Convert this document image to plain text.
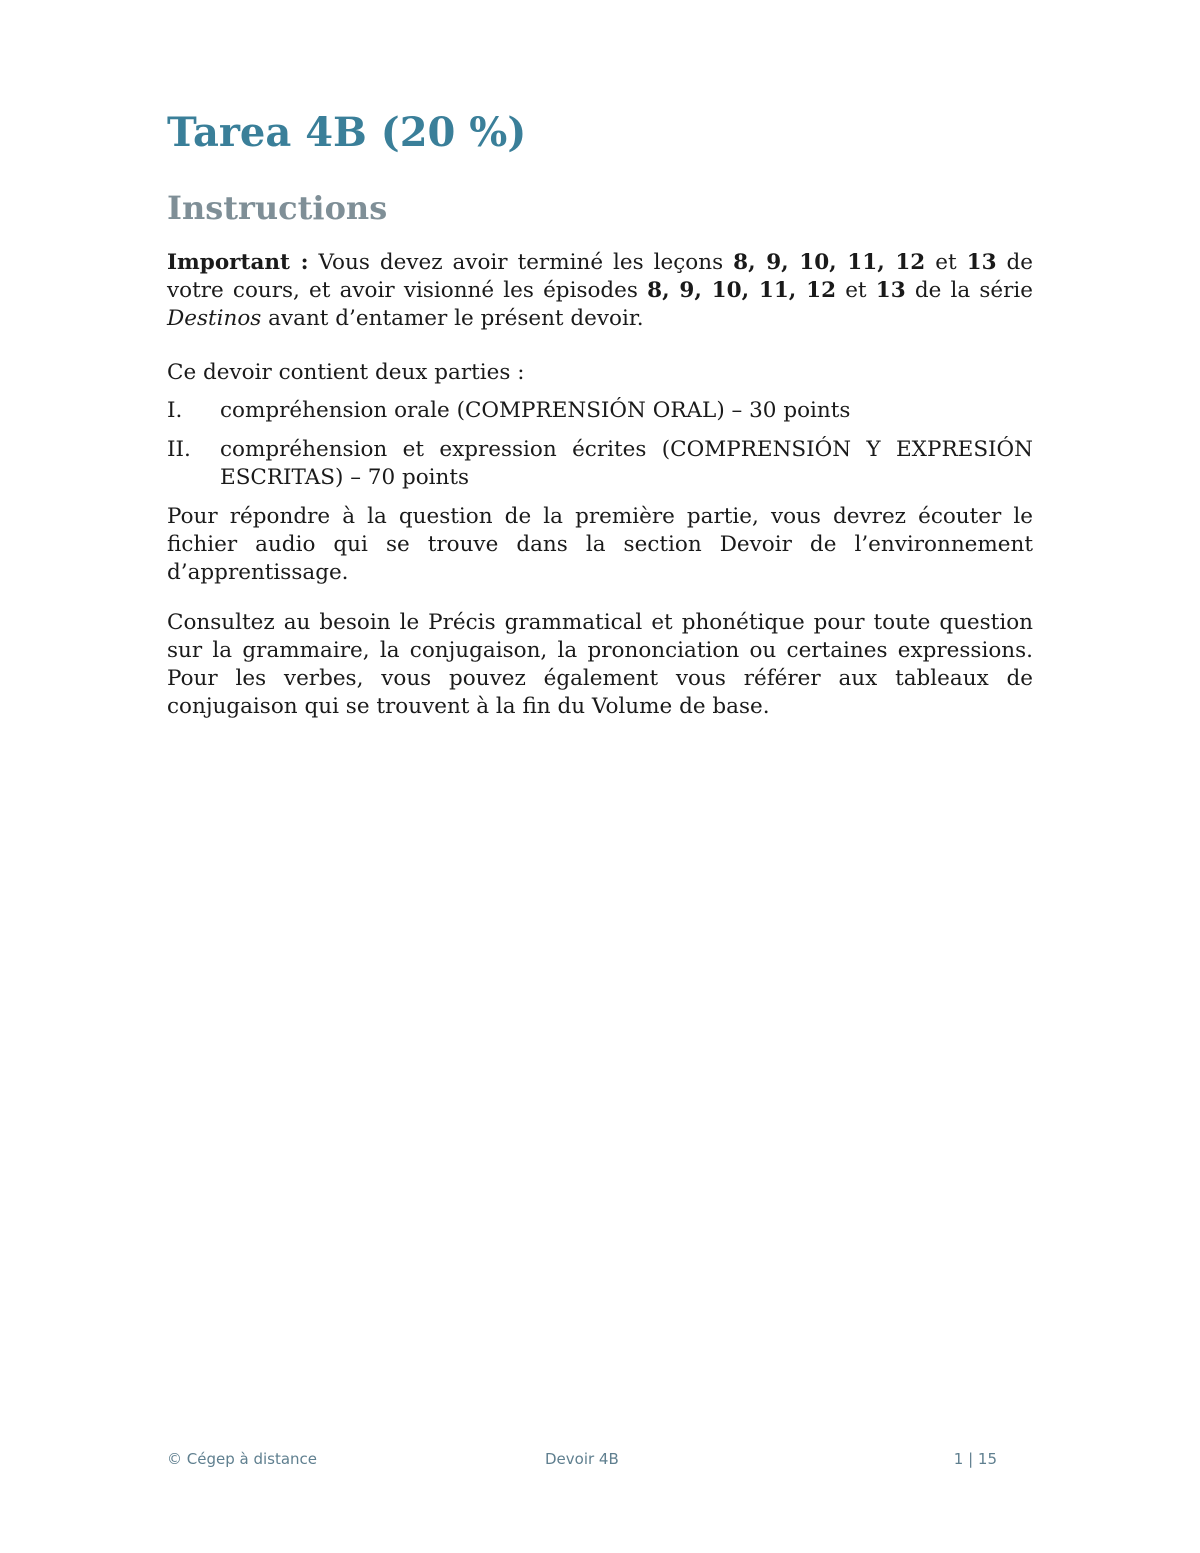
Tarea 4B (20 %)
Instructions

Important : Vous devez avoir terminé les leçons 8, 9, 10, 11, 12 et 13 de votre cours, et avoir visionné les épisodes 8, 9, 10, 11, 12 et 13 de la série Destinos avant d’entamer le présent devoir.

Ce devoir contient deux parties :

I. compréhension orale (COMPRENSIÓN ORAL) – 30 points
II. compréhension et expression écrites (COMPRENSIÓN Y EXPRESIÓN ESCRITAS) – 70 points

Pour répondre à la question de la première partie, vous devrez écouter le fichier audio qui se trouve dans la section Devoir de l’environnement d’apprentissage.

Consultez au besoin le Précis grammatical et phonétique pour toute question sur la grammaire, la conjugaison, la prononciation ou certaines expressions. Pour les verbes, vous pouvez également vous référer aux tableaux de conjugaison qui se trouvent à la fin du Volume de base.

© Cégep à distance	Devoir 4B	1 | 15
